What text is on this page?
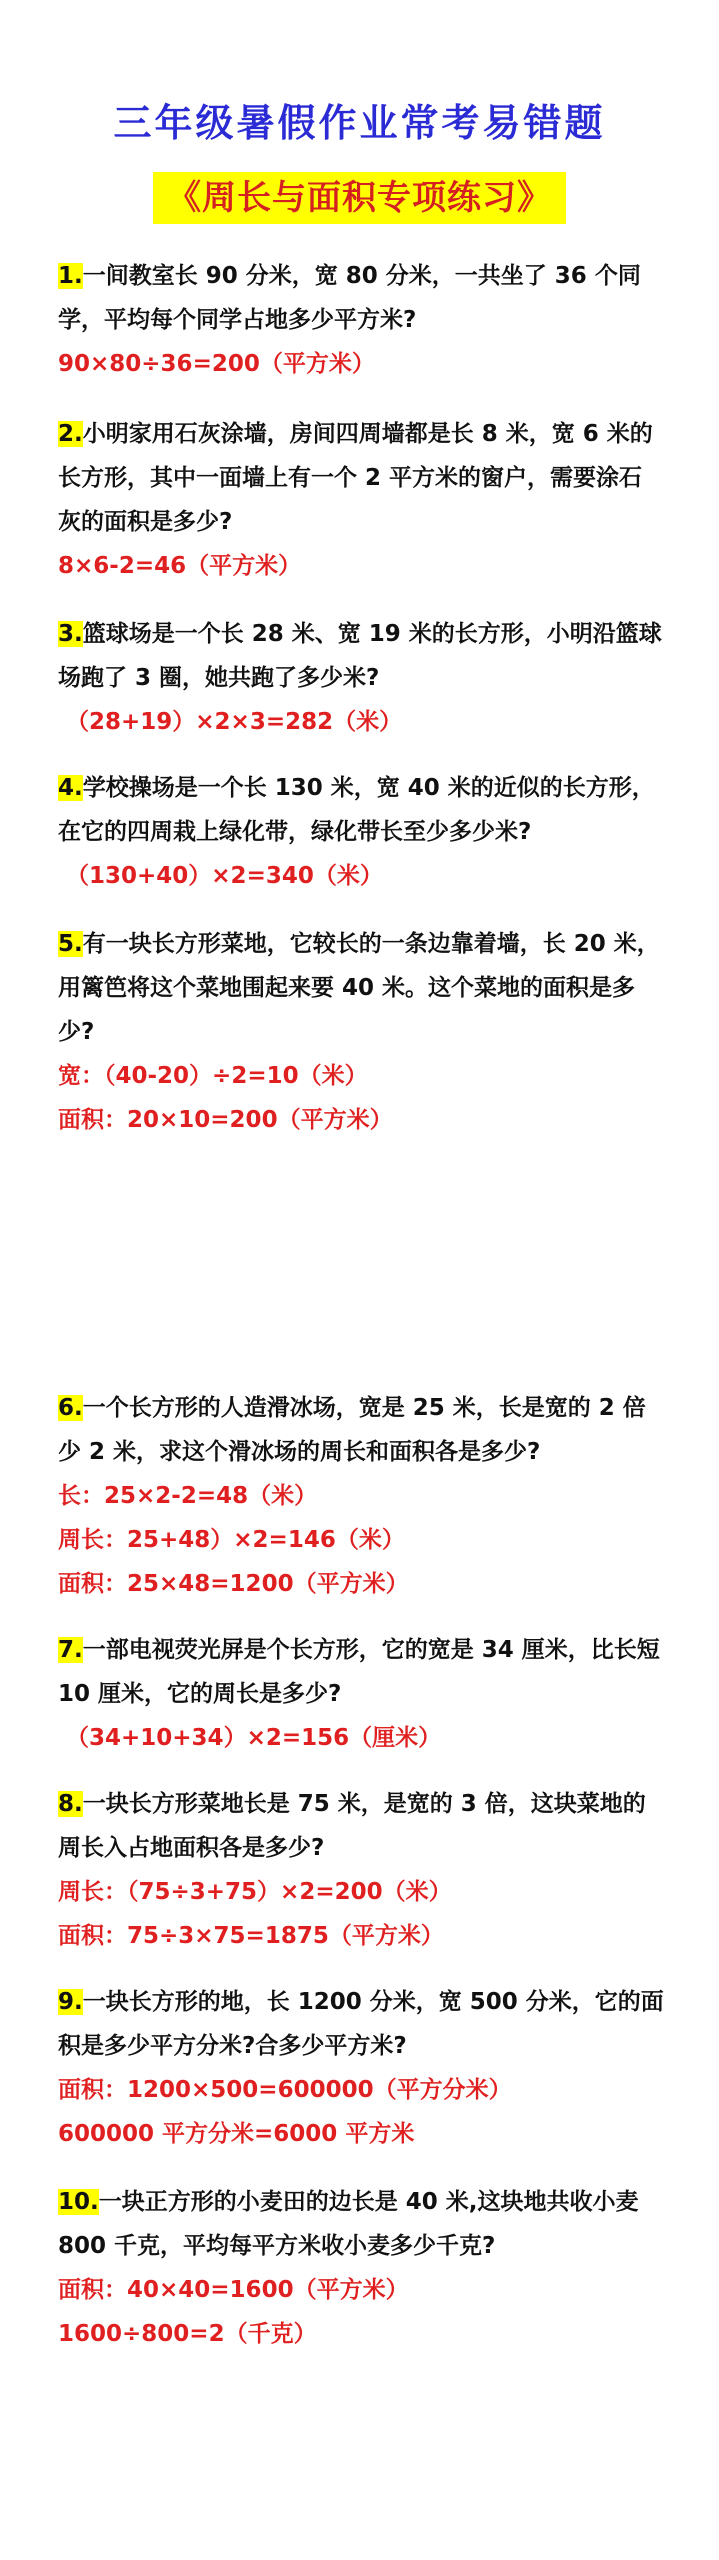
三年级暑假作业常考易错题
《周长与面积专项练习》
1.一间教室长 90 分米，宽 80 分米，一共坐了 36 个同学，平均每个同学占地多少平方米?
90×80÷36=200（平方米）
2.小明家用石灰涂墙，房间四周墙都是长 8 米，宽 6 米的长方形，其中一面墙上有一个 2 平方米的窗户，需要涂石灰的面积是多少?
8×6-2=46（平方米）
3.篮球场是一个长 28 米、宽 19 米的长方形，小明沿篮球场跑了 3 圈，她共跑了多少米?
（28+19）×2×3=282（米）
4.学校操场是一个长 130 米，宽 40 米的近似的长方形，在它的四周栽上绿化带，绿化带长至少多少米?
（130+40）×2=340（米）
5.有一块长方形菜地，它较长的一条边靠着墙，长 20 米，用篱笆将这个菜地围起来要 40 米。这个菜地的面积是多少?
宽：（40-20）÷2=10（米）
面积：20×10=200（平方米）
6.一个长方形的人造滑冰场，宽是 25 米，长是宽的 2 倍少 2 米，求这个滑冰场的周长和面积各是多少?
长：25×2-2=48（米）
周长：25+48）×2=146（米）
面积：25×48=1200（平方米）
7.一部电视荧光屏是个长方形，它的宽是 34 厘米，比长短 10 厘米，它的周长是多少?
（34+10+34）×2=156（厘米）
8.一块长方形菜地长是 75 米，是宽的 3 倍，这块菜地的周长入占地面积各是多少?
周长：（75÷3+75）×2=200（米）
面积：75÷3×75=1875（平方米）
9.一块长方形的地，长 1200 分米，宽 500 分米，它的面积是多少平方分米?合多少平方米?
面积：1200×500=600000（平方分米）
600000 平方分米=6000 平方米
10.一块正方形的小麦田的边长是 40 米,这块地共收小麦 800 千克，平均每平方米收小麦多少千克?
面积：40×40=1600（平方米）
1600÷800=2（千克）
